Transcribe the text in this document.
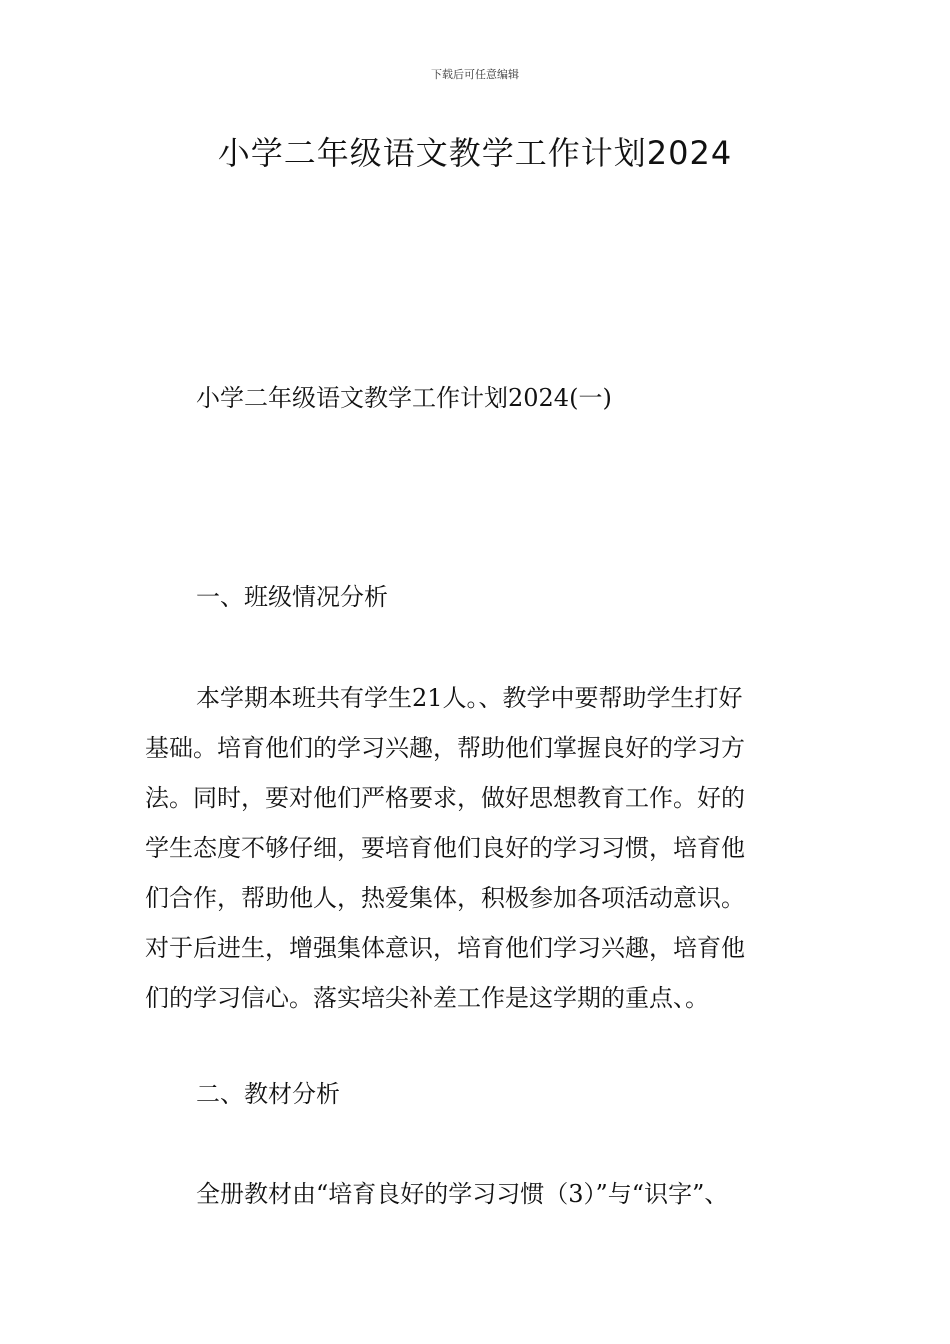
下载后可任意编辑
小学二年级语文教学工作计划2024
小学二年级语文教学工作计划2024(一)
一、班级情况分析
本学期本班共有学生21人。、教学中要帮助学生打好
基础。培育他们的学习兴趣，帮助他们掌握良好的学习方
法。同时，要对他们严格要求，做好思想教育工作。好的
学生态度不够仔细，要培育他们良好的学习习惯，培育他
们合作，帮助他人，热爱集体，积极参加各项活动意识。
对于后进生，增强集体意识，培育他们学习兴趣，培育他
们的学习信心。落实培尖补差工作是这学期的重点、。
二、教材分析
全册教材由“培育良好的学习习惯（3）”与“识字”、
